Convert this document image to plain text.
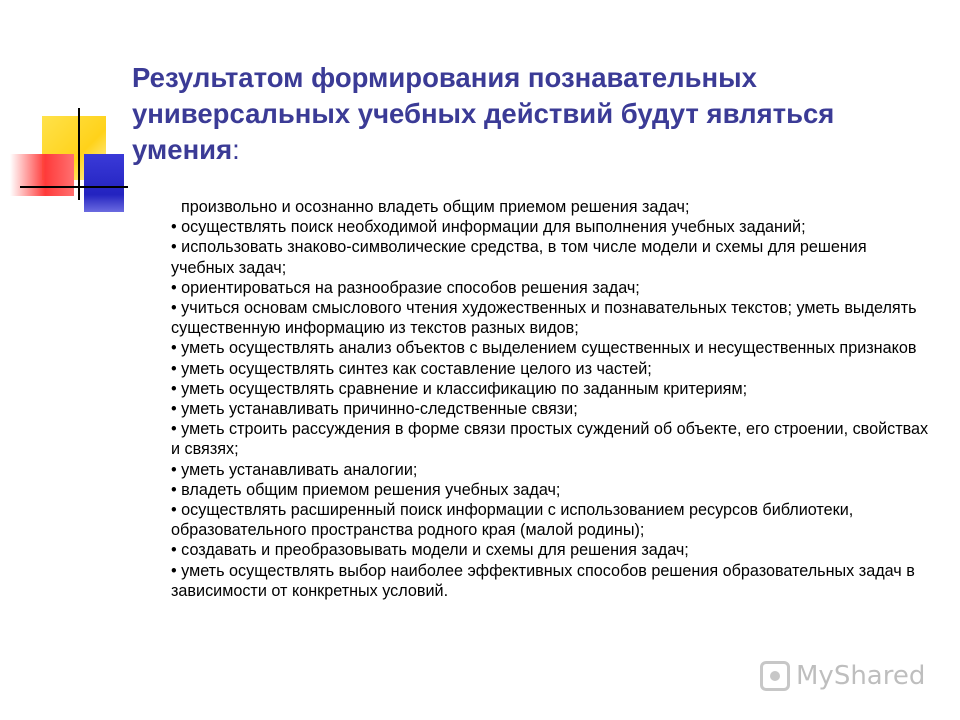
Результатом формирования познавательных универсальных учебных действий будут являться умения:

произвольно и осознанно владеть общим приемом решения задач;

• осуществлять поиск необходимой информации для выполнения учебных заданий;

• использовать знаково-символические средства, в том числе модели и схемы для решения учебных задач;

• ориентироваться на разнообразие способов решения задач;

• учиться основам смыслового чтения художественных и познавательных текстов; уметь выделять существенную информацию из текстов разных видов;

• уметь осуществлять анализ объектов с выделением существенных и несущественных признаков

• уметь осуществлять синтез как составление целого из частей;

• уметь осуществлять сравнение и классификацию по заданным критериям;

• уметь устанавливать причинно-следственные связи;

• уметь строить рассуждения в форме связи простых суждений об объекте, его строении, свойствах и связях;

• уметь устанавливать аналогии;

• владеть общим приемом решения учебных задач;

• осуществлять расширенный поиск информации с использованием ресурсов библиотеки, образовательного пространства родного края (малой родины);

• создавать и преобразовывать модели и схемы для решения задач;

• уметь осуществлять выбор наиболее эффективных способов решения образовательных задач в зависимости от конкретных условий.

MyShared
